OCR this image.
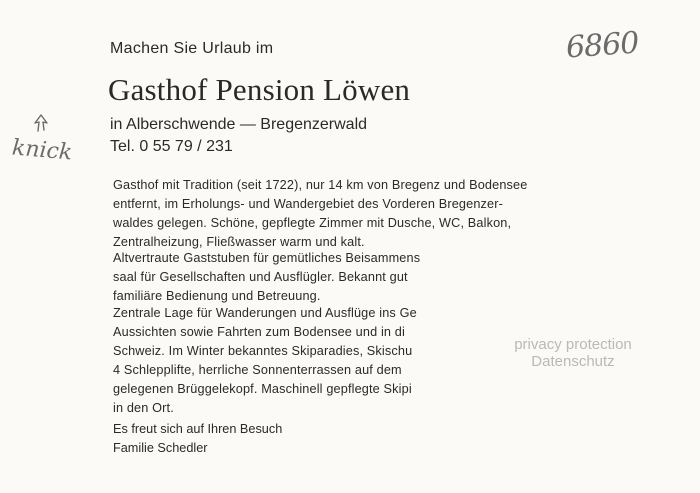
Machen Sie Urlaub im
Gasthof Pension Löwen
in Alberschwende — Bregenzerwald
Tel. 0 55 79 / 231
Gasthof mit Tradition (seit 1722), nur 14 km von Bregenz und Bodensee
entfernt, im Erholungs- und Wandergebiet des Vorderen Bregenzer-
waldes gelegen. Schöne, gepflegte Zimmer mit Dusche, WC, Balkon,
Zentralheizung, Fließwasser warm und kalt.
Altvertraute Gaststuben für gemütliches Beisammens
saal für Gesellschaften und Ausflügler. Bekannt gut
familiäre Bedienung und Betreuung.
Zentrale Lage für Wanderungen und Ausflüge ins Ge
Aussichten sowie Fahrten zum Bodensee und in di
Schweiz. Im Winter bekanntes Skiparadies, Skischu
4 Schlepplifte, herrliche Sonnenterrassen auf dem
gelegenen Brüggelekopf. Maschinell gepflegte Skipi
in den Ort.
Es freut sich auf Ihren Besuch
Familie Schedler
privacy protection
Datenschutz
6860
knick
